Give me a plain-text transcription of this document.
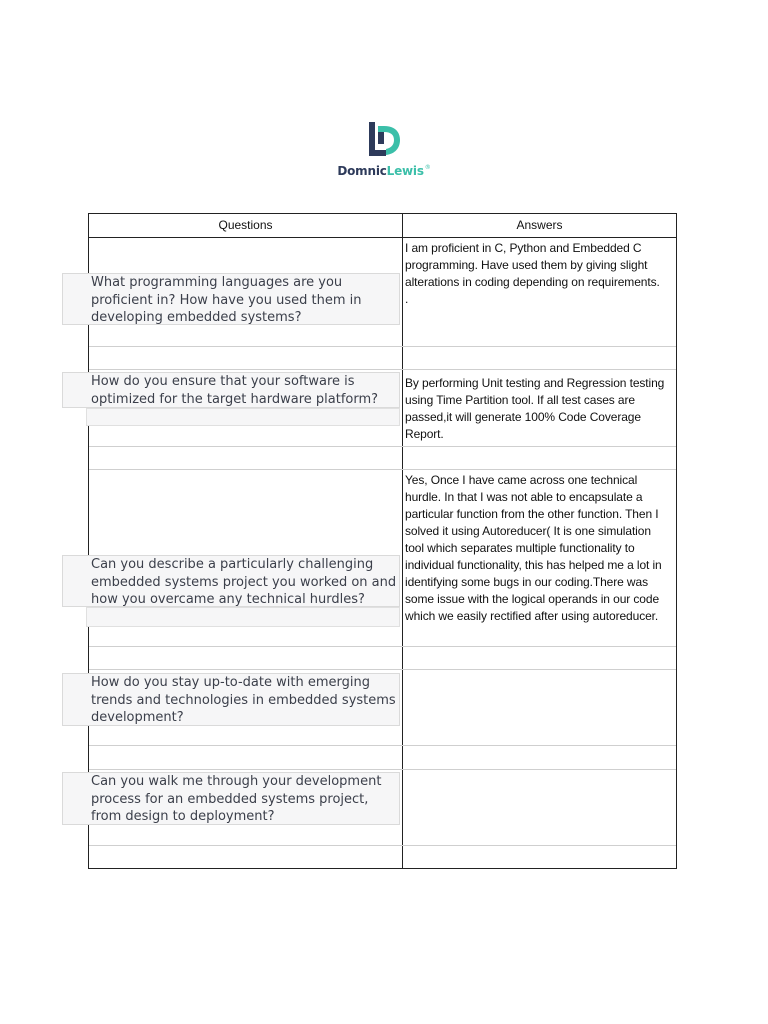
DomnicLewis®
Questions	Answers
I am proficient in C, Python and Embedded C programming. Have used them by giving slight alterations in coding depending on requirements.
.
By performing Unit testing and Regression testing using Time Partition tool. If all test cases are passed,it will generate 100% Code Coverage Report.
Yes, Once I have came across one technical hurdle. In that I was not able to encapsulate a particular function from the other function. Then I solved it using Autoreducer( It is one simulation tool which separates multiple functionality to individual functionality, this has helped me a lot in identifying some bugs in our coding.There was some issue with the logical operands in our code which we easily rectified after using autoreducer.
What programming languages are you proficient in? How have you used them in developing embedded systems?
How do you ensure that your software is optimized for the target hardware platform?
Can you describe a particularly challenging embedded systems project you worked on and how you overcame any technical hurdles?
How do you stay up-to-date with emerging trends and technologies in embedded systems development?
Can you walk me through your development process for an embedded systems project, from design to deployment?
